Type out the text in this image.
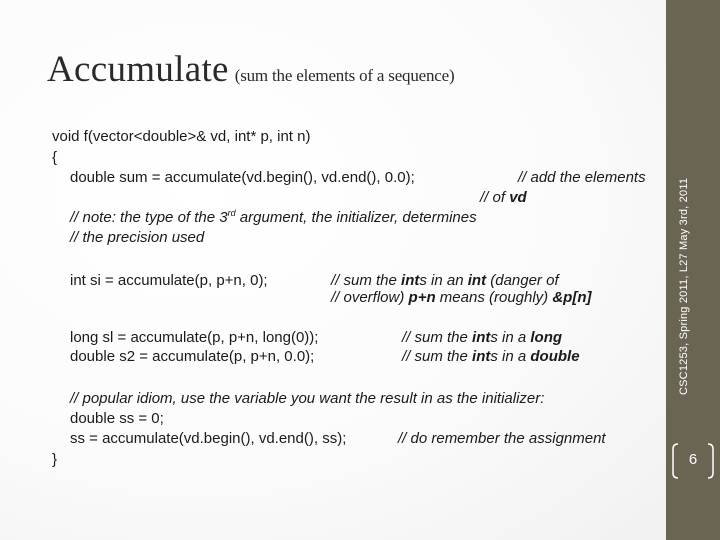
Accumulate (sum the elements of a sequence)
void f(vector<double>& vd, int* p, int n)
{
double sum = accumulate(vd.begin(), vd.end(), 0.0);	// add the elements
// of vd
// note: the type of the 3rd argument, the initializer, determines
// the precision used
int si = accumulate(p, p+n, 0);	// sum the ints in an int (danger of
// overflow) p+n means (roughly) &p[n]
long sl = accumulate(p, p+n, long(0));	// sum the ints in a long
double s2 = accumulate(p, p+n, 0.0);	// sum the ints in a double
// popular idiom, use the variable you want the result in as the initializer:
double ss = 0;
ss = accumulate(vd.begin(), vd.end(), ss);	// do remember the assignment
}
CSC1253, Spring 2011, L27 May 3rd, 2011
6
